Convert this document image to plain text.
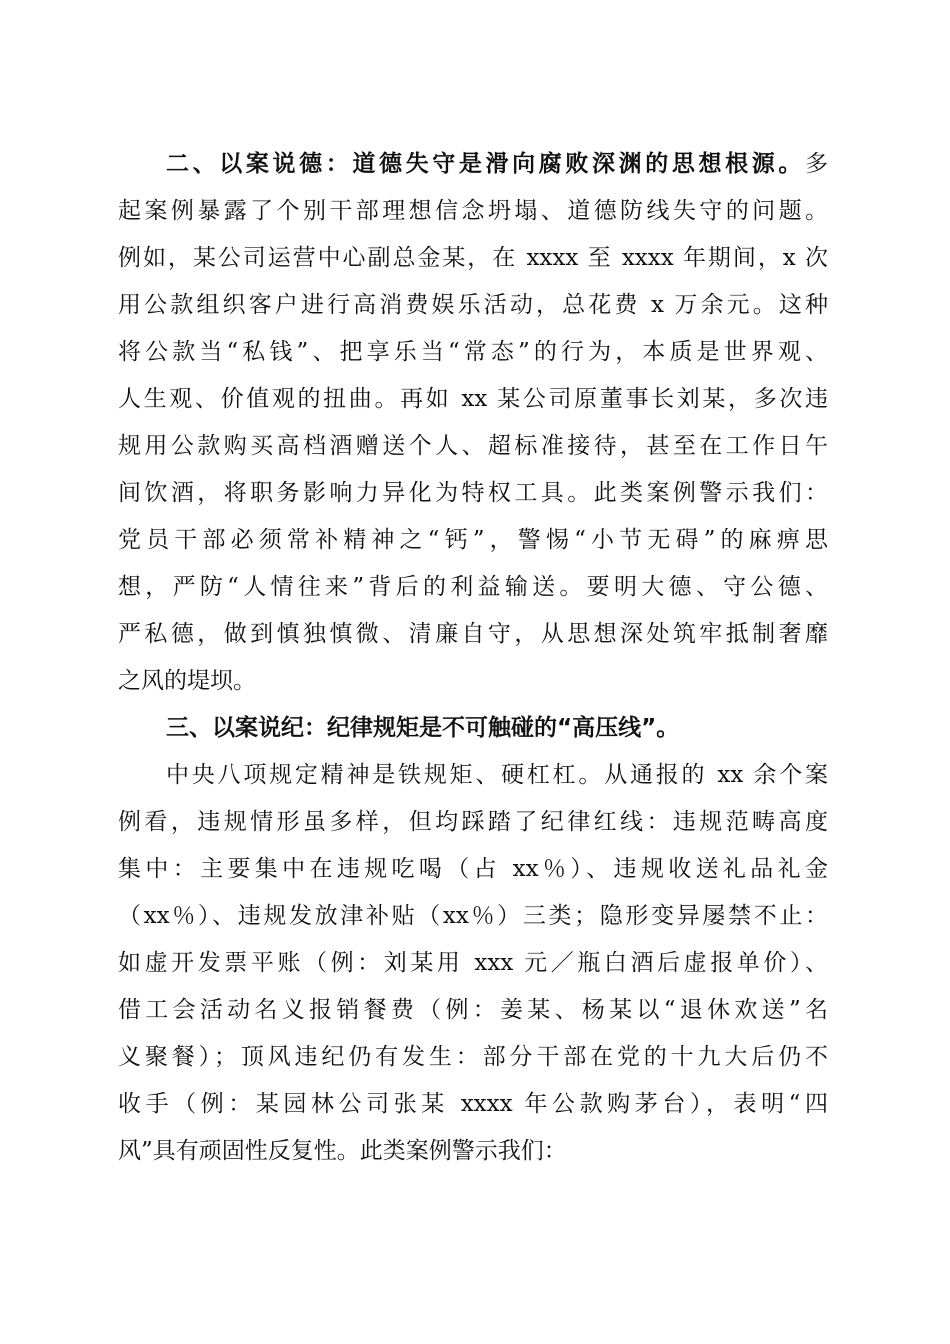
二、以案说德：道德失守是滑向腐败深渊的思想根源。多
起案例暴露了个别干部理想信念坍塌、道德防线失守的问题。
例如，某公司运营中心副总金某，在 xxxx 至 xxxx 年期间，x 次
用公款组织客户进行高消费娱乐活动，总花费 x 万余元。这种
将公款当“私钱”、把享乐当“常态”的行为，本质是世界观、
人生观、价值观的扭曲。再如 xx 某公司原董事长刘某，多次违
规用公款购买高档酒赠送个人、超标准接待，甚至在工作日午
间饮酒，将职务影响力异化为特权工具。此类案例警示我们：
党员干部必须常补精神之“钙”，警惕“小节无碍”的麻痹思
想，严防“人情往来”背后的利益输送。要明大德、守公德、
严私德，做到慎独慎微、清廉自守，从思想深处筑牢抵制奢靡
之风的堤坝。
三、以案说纪：纪律规矩是不可触碰的“高压线”。
中央八项规定精神是铁规矩、硬杠杠。从通报的 xx 余个案
例看，违规情形虽多样，但均踩踏了纪律红线：违规范畴高度
集中：主要集中在违规吃喝（占 xx％）、违规收送礼品礼金
（xx％）、违规发放津补贴（xx％）三类；隐形变异屡禁不止：
如虚开发票平账（例：刘某用 xxx 元／瓶白酒后虚报单价）、
借工会活动名义报销餐费（例：姜某、杨某以“退休欢送”名
义聚餐）；顶风违纪仍有发生：部分干部在党的十九大后仍不
收手（例：某园林公司张某 xxxx 年公款购茅台），表明“四
风”具有顽固性反复性。此类案例警示我们：
